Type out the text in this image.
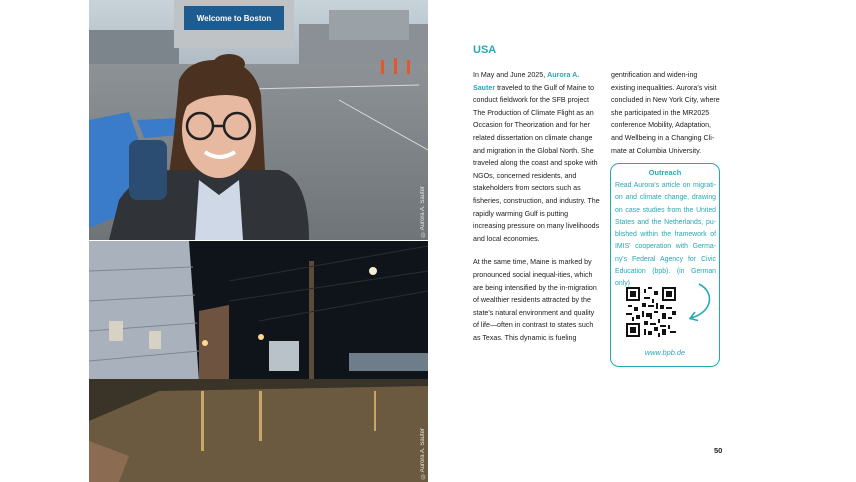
Welcome to Boston
©Aurora A. Sauter
©Aurora A. Sauter
USA

In May and June 2025, Aurora A. Sauter traveled to the Gulf of Maine to conduct fieldwork for the SFB project The Production of Climate Flight as an Occasion for Theorization and for her related dissertation on climate change and migration in the Global North. She traveled along the coast and spoke with NGOs, concerned residents, and stakeholders from sectors such as fisheries, construction, and industry. The rapidly warming Gulf is putting increasing pressure on many livelihoods and local economies.

At the same time, Maine is marked by pronounced social inequal-ities, which are being intensified by the in-migration of wealthier residents attracted by the state's natural environment and quality of life—often in contrast to states such as Texas. This dynamic is fueling

gentrification and widen-ing existing inequalities. Aurora's visit concluded in New York City, where she participated in the MR2025 conference Mobility, Adaptation, and Wellbeing in a Changing Cli-mate at Columbia University.

Outreach
Read Aurora's article on migrati-on and climate change, drawing on case studies from the United States and the Netherlands, pu-blished within the framework of IMIS' cooperation with Germa-ny's Federal Agency for Civic Education (bpb). (in German only)
www.bpb.de
50
